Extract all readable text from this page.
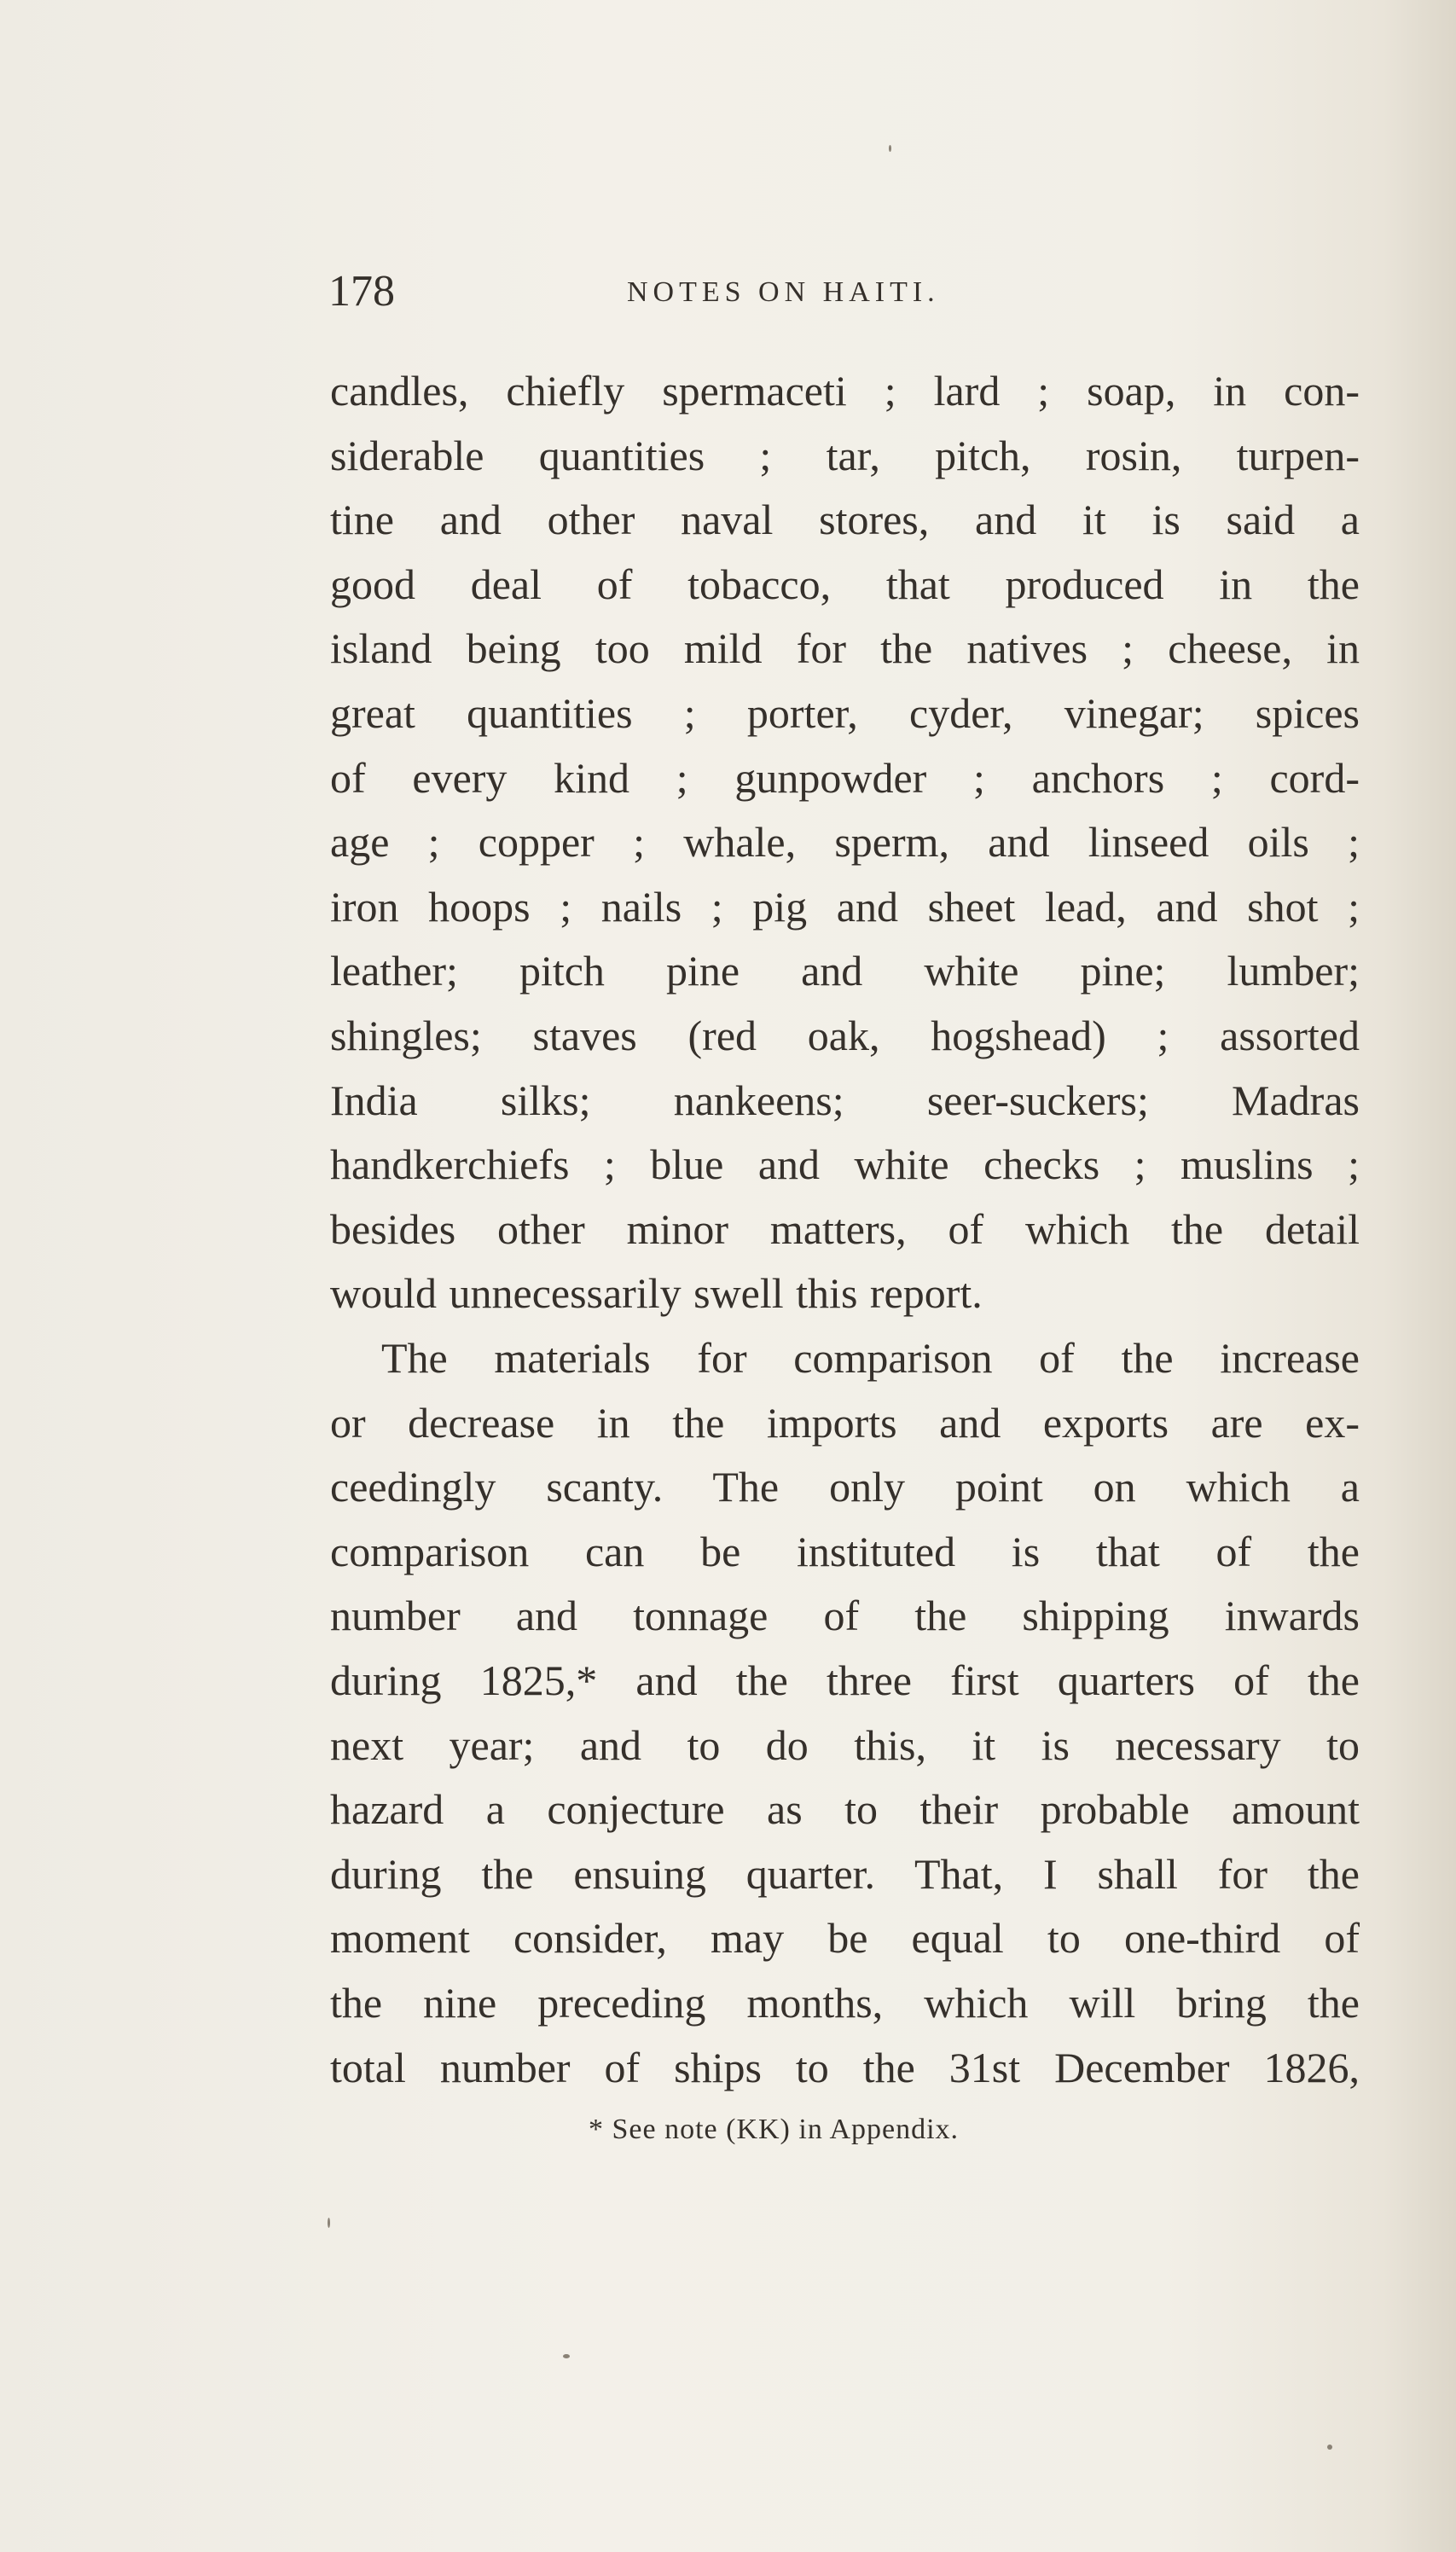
178	NOTES ON HAITI.
candles, chiefly spermaceti ; lard ; soap, in con-
siderable quantities ; tar, pitch, rosin, turpen-
tine and other naval stores, and it is said a
good deal of tobacco, that produced in the
island being too mild for the natives ; cheese, in
great quantities ; porter, cyder, vinegar; spices
of every kind ; gunpowder ; anchors ; cord-
age ; copper ; whale, sperm, and linseed oils ;
iron hoops ; nails ; pig and sheet lead, and shot ;
leather; pitch pine and white pine; lumber;
shingles; staves (red oak, hogshead) ; assorted
India silks; nankeens; seer-suckers; Madras
handkerchiefs ; blue and white checks ; muslins ;
besides other minor matters, of which the detail
would unnecessarily swell this report.
The materials for comparison of the increase
or decrease in the imports and exports are ex-
ceedingly scanty. The only point on which a
comparison can be instituted is that of the
number and tonnage of the shipping inwards
during 1825,* and the three first quarters of the
next year; and to do this, it is necessary to
hazard a conjecture as to their probable amount
during the ensuing quarter. That, I shall for the
moment consider, may be equal to one-third of
the nine preceding months, which will bring the
total number of ships to the 31st December 1826,
* See note (KK) in Appendix.
